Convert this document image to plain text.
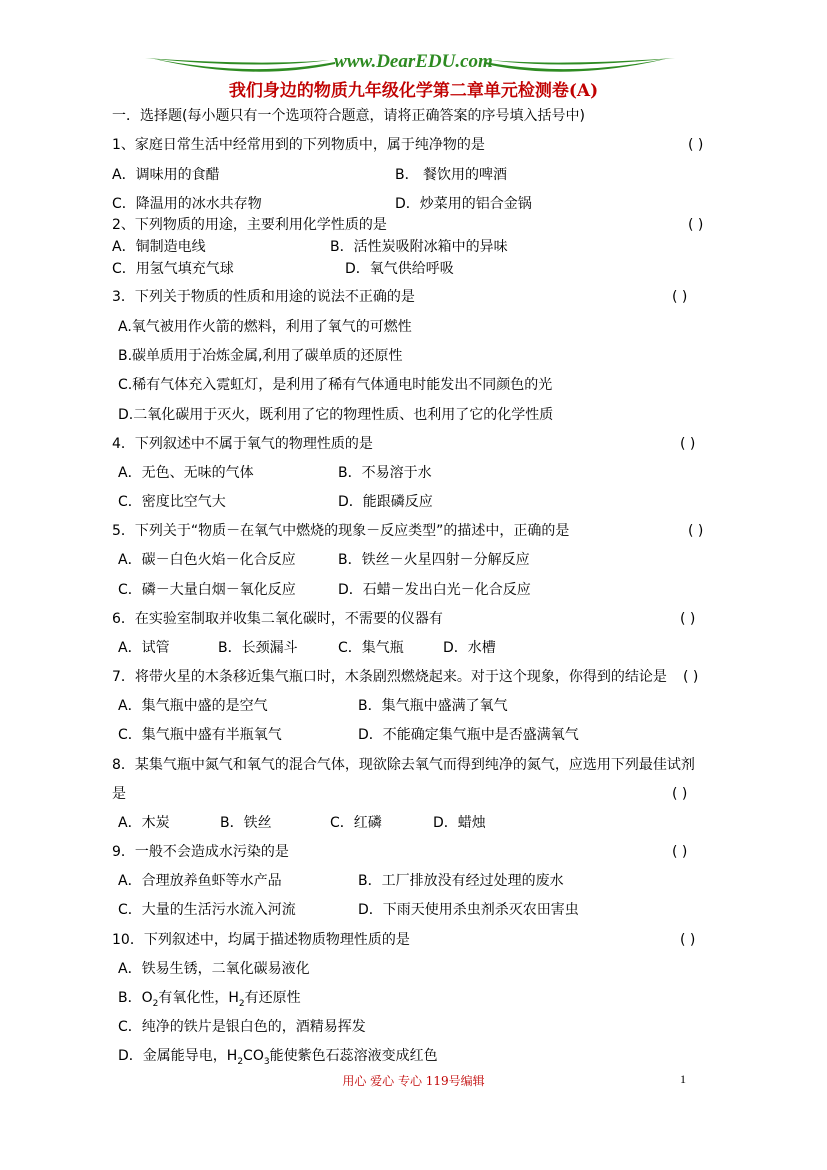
www.DearEDU.com
我们身边的物质九年级化学第二章单元检测卷(A)
一．选择题(每小题只有一个选项符合题意，请将正确答案的序号填入括号中)
1、家庭日常生活中经常用到的下列物质中，属于纯净物的是	( )
A．调味用的食醋	B． 餐饮用的啤酒
C．降温用的冰水共存物	D．炒菜用的铝合金锅
2、下列物质的用途，主要利用化学性质的是	( )
A．铜制造电线	B．活性炭吸附冰箱中的异味
C．用氢气填充气球	D．氧气供给呼吸
3．下列关于物质的性质和用途的说法不正确的是	( )
A.氧气被用作火箭的燃料，利用了氧气的可燃性
B.碳单质用于冶炼金属,利用了碳单质的还原性
C.稀有气体充入霓虹灯，是利用了稀有气体通电时能发出不同颜色的光
D.二氧化碳用于灭火，既利用了它的物理性质、也利用了它的化学性质
4．下列叙述中不属于氧气的物理性质的是	( )
A．无色、无味的气体	B．不易溶于水
C．密度比空气大	D．能跟磷反应
5．下列关于“物质－在氧气中燃烧的现象－反应类型”的描述中，正确的是	( )
A．碳－白色火焰－化合反应	B．铁丝－火星四射－分解反应
C．磷－大量白烟－氧化反应	D．石蜡－发出白光－化合反应
6．在实验室制取并收集二氧化碳时，不需要的仪器有	( )
A．试管	B．长颈漏斗	C．集气瓶	D．水槽
7．将带火星的木条移近集气瓶口时，木条剧烈燃烧起来。对于这个现象，你得到的结论是 ( )
A．集气瓶中盛的是空气	B．集气瓶中盛满了氧气
C．集气瓶中盛有半瓶氧气	D．不能确定集气瓶中是否盛满氧气
8．某集气瓶中氮气和氧气的混合气体，现欲除去氧气而得到纯净的氮气，应选用下列最佳试剂
是	( )
A．木炭	B．铁丝	C．红磷	D．蜡烛
9．一般不会造成水污染的是	( )
A．合理放养鱼虾等水产品	B．工厂排放没有经过处理的废水
C．大量的生活污水流入河流	D．下雨天使用杀虫剂杀灭农田害虫
10．下列叙述中，均属于描述物质物理性质的是	( )
A．铁易生锈，二氧化碳易液化
B．$O_2$有氧化性，$H_2$有还原性
C．纯净的铁片是银白色的，酒精易挥发
D．金属能导电，$H_2CO_3$能使紫色石蕊溶液变成红色
用心 爱心 专心 119号编辑	1
